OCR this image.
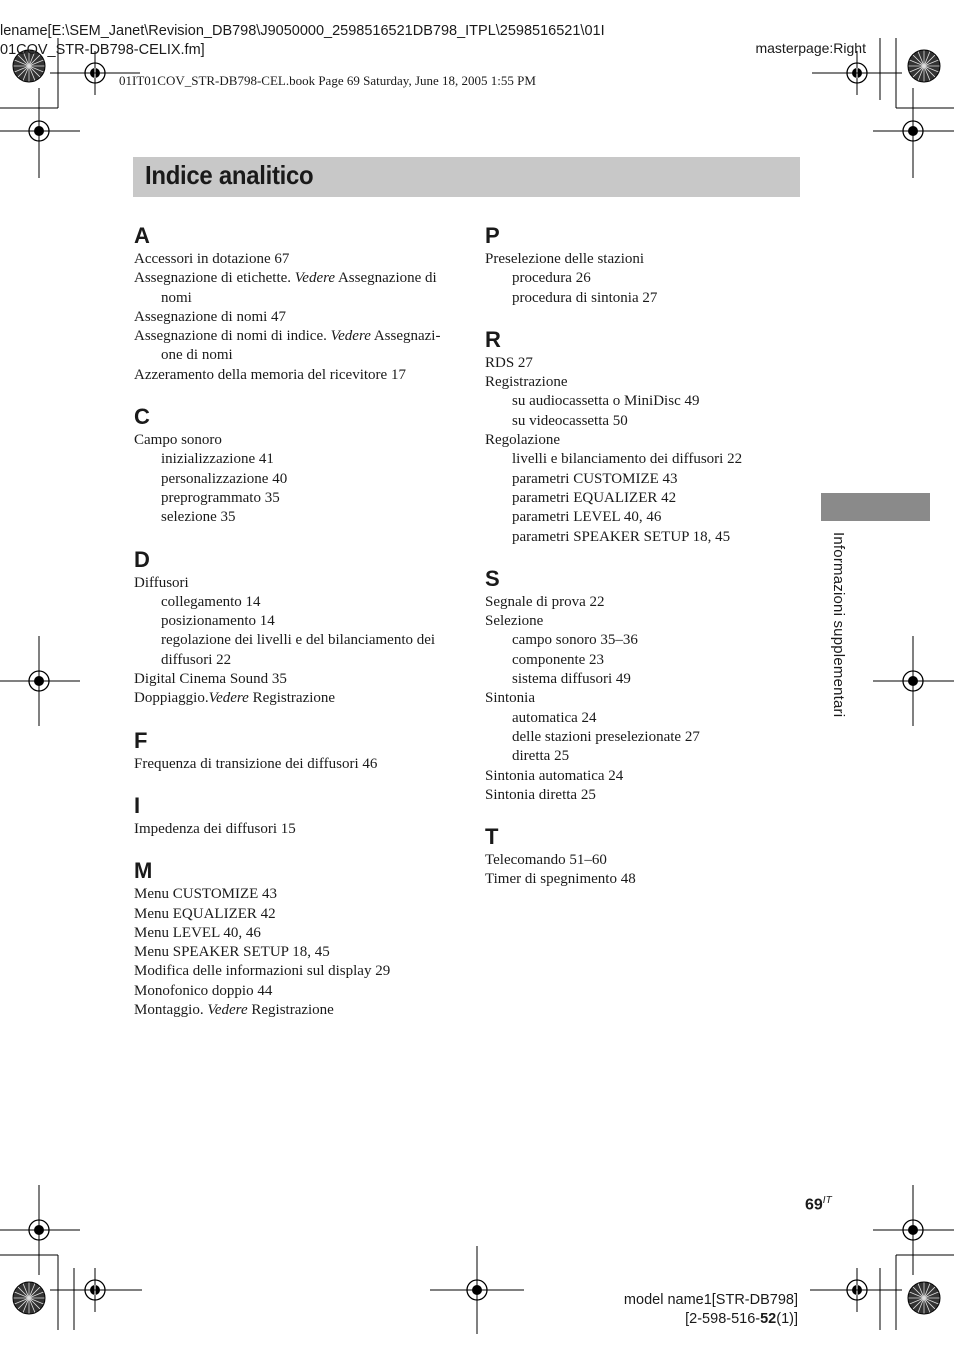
lename[E:\SEM_Janet\Revision_DB798\J9050000_2598516521DB798_ITPL\2598516521\01I
01COV_STR-DB798-CELIX.fm]	masterpage:Right
01IT01COV_STR-DB798-CEL.book Page 69 Saturday, June 18, 2005 1:55 PM
Indice analitico
A
Accessori in dotazione 67
Assegnazione di etichette. Vedere Assegnazione di nomi
Assegnazione di nomi 47
Assegnazione di nomi di indice. Vedere Assegnazi-one di nomi
Azzeramento della memoria del ricevitore 17
C
Campo sonoro
inizializzazione 41
personalizzazione 40
preprogrammato 35
selezione 35
D
Diffusori
collegamento 14
posizionamento 14
regolazione dei livelli e del bilanciamento dei diffusori 22
Digital Cinema Sound 35
Doppiaggio.Vedere Registrazione
F
Frequenza di transizione dei diffusori 46
I
Impedenza dei diffusori 15
M
Menu CUSTOMIZE 43
Menu EQUALIZER 42
Menu LEVEL 40, 46
Menu SPEAKER SETUP 18, 45
Modifica delle informazioni sul display 29
Monofonico doppio 44
Montaggio. Vedere Registrazione
P
Preselezione delle stazioni
procedura 26
procedura di sintonia 27
R
RDS 27
Registrazione
su audiocassetta o MiniDisc 49
su videocassetta 50
Regolazione
livelli e bilanciamento dei diffusori 22
parametri CUSTOMIZE 43
parametri EQUALIZER 42
parametri LEVEL 40, 46
parametri SPEAKER SETUP 18, 45
S
Segnale di prova 22
Selezione
campo sonoro 35–36
componente 23
sistema diffusori 49
Sintonia
automatica 24
delle stazioni preselezionate 27
diretta 25
Sintonia automatica 24
Sintonia diretta 25
T
Telecomando 51–60
Timer di spegnimento 48
Informazioni supplementari
$69^{IT}$
model name1[STR-DB798]
[2-598-516-52(1)]
